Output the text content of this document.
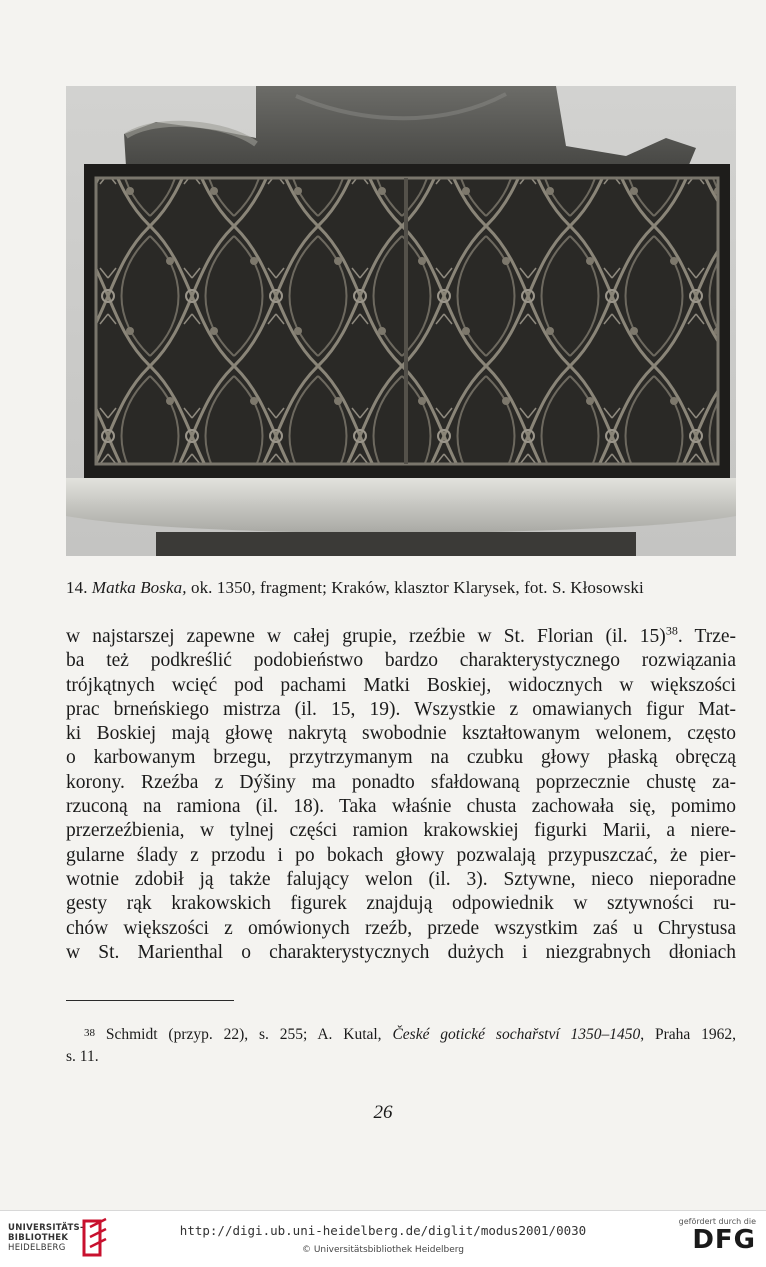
14. Matka Boska, ok. 1350, fragment; Kraków, klasztor Klarysek, fot. S. Kłosowski
w najstarszej zapewne w całej grupie, rzeźbie w St. Florian (il. 15)$^{38}$. Trze-
ba też podkreślić podobieństwo bardzo charakterystycznego rozwiązania
trójkątnych wcięć pod pachami Matki Boskiej, widocznych w większości
prac brneńskiego mistrza (il. 15, 19). Wszystkie z omawianych figur Mat-
ki Boskiej mają głowę nakrytą swobodnie kształtowanym welonem, często
o karbowanym brzegu, przytrzymanym na czubku głowy płaską obręczą
korony. Rzeźba z Dýšiny ma ponadto sfałdowaną poprzecznie chustę za-
rzuconą na ramiona (il. 18). Taka właśnie chusta zachowała się, pomimo
przerzeźbienia, w tylnej części ramion krakowskiej figurki Marii, a niere-
gularne ślady z przodu i po bokach głowy pozwalają przypuszczać, że pier-
wotnie zdobił ją także falujący welon (il. 3). Sztywne, nieco nieporadne
gesty rąk krakowskich figurek znajdują odpowiednik w sztywności ru-
chów większości z omówionych rzeźb, przede wszystkim zaś u Chrystusa
w St. Marienthal o charakterystycznych dużych i niezgrabnych dłoniach
$^{38}$ Schmidt (przyp. 22), s. 255; A. Kutal, České gotické sochařství 1350–1450, Praha 1962,
s. 11.
26
UNIVERSITÄTS-
BIBLIOTHEK
HEIDELBERG
http://digi.ub.uni-heidelberg.de/diglit/modus2001/0030
© Universitätsbibliothek Heidelberg
gefördert durch die
DFG
